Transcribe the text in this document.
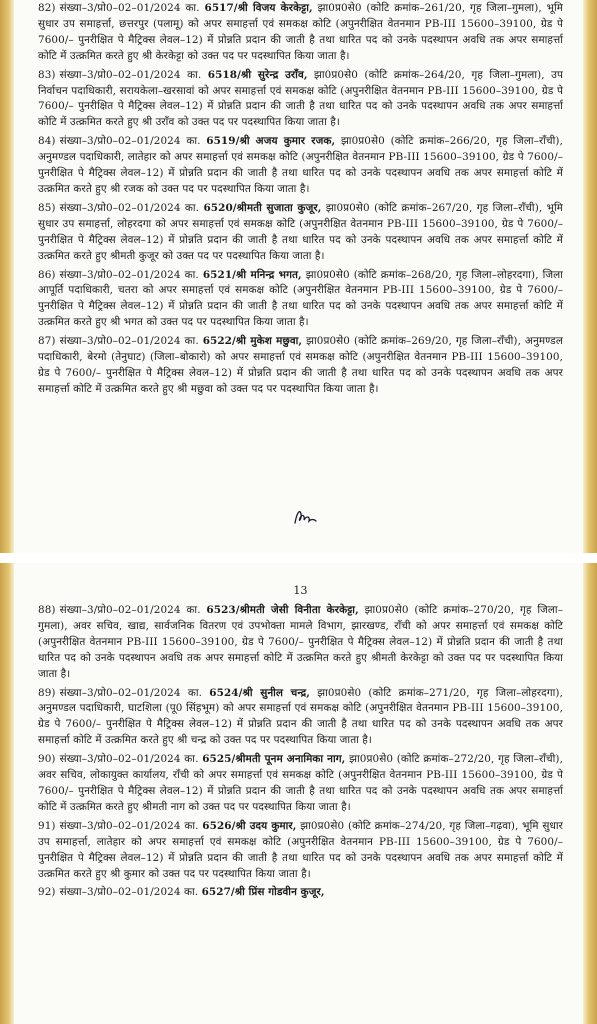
82) संख्या–3/प्रो0–02–01/2024 का. 6517/श्री विजय केरकेट्टा, झा0प्र0से0 (कोटि क्रमांक–261/20, गृह जिला–गुमला), भूमि सुधार उप समाहर्त्ता, छत्तरपुर (पलामू) को अपर समाहर्त्ता एवं समकक्ष कोटि (अपुनरीक्षित वेतनमान PB-III 15600–39100, ग्रेड पे 7600/– पुनरीक्षित पे मैट्रिक्स लेवल–12) में प्रोन्नति प्रदान की जाती है तथा धारित पद को उनके पदस्थापन अवधि तक अपर समाहर्त्ता कोटि में उत्क्रमित करते हुए श्री केरकेट्टा को उक्त पद पर पदस्थापित किया जाता है।

83) संख्या–3/प्रो0–02–01/2024 का. 6518/श्री सुरेन्द्र उराँव, झा0प्र0से0 (कोटि क्रमांक–264/20, गृह जिला–गुमला), उप निर्वाचन पदाधिकारी, सरायकेला–खरसावां को अपर समाहर्त्ता एवं समकक्ष कोटि (अपुनरीक्षित वेतनमान PB-III 15600–39100, ग्रेड पे 7600/– पुनरीक्षित पे मैट्रिक्स लेवल–12) में प्रोन्नति प्रदान की जाती है तथा धारित पद को उनके पदस्थापन अवधि तक अपर समाहर्त्ता कोटि में उत्क्रमित करते हुए श्री उराँव को उक्त पद पर पदस्थापित किया जाता है।

84) संख्या–3/प्रो0–02–01/2024 का. 6519/श्री अजय कुमार रजक, झा0प्र0से0 (कोटि क्रमांक–266/20, गृह जिला–राँची), अनुमण्डल पदाधिकारी, लातेहार को अपर समाहर्त्ता एवं समकक्ष कोटि (अपुनरीक्षित वेतनमान PB-III 15600–39100, ग्रेड पे 7600/– पुनरीक्षित पे मैट्रिक्स लेवल–12) में प्रोन्नति प्रदान की जाती है तथा धारित पद को उनके पदस्थापन अवधि तक अपर समाहर्त्ता कोटि में उत्क्रमित करते हुए श्री रजक को उक्त पद पर पदस्थापित किया जाता है।

85) संख्या–3/प्रो0–02–01/2024 का. 6520/श्रीमती सुजाता कुजूर, झा0प्र0से0 (कोटि क्रमांक–267/20, गृह जिला–राँची), भूमि सुधार उप समाहर्त्ता, लोहरदगा को अपर समाहर्त्ता एवं समकक्ष कोटि (अपुनरीक्षित वेतनमान PB-III 15600–39100, ग्रेड पे 7600/– पुनरीक्षित पे मैट्रिक्स लेवल–12) में प्रोन्नति प्रदान की जाती है तथा धारित पद को उनके पदस्थापन अवधि तक अपर समाहर्त्ता कोटि में उत्क्रमित करते हुए श्रीमती कुजूर को उक्त पद पर पदस्थापित किया जाता है।

86) संख्या–3/प्रो0–02–01/2024 का. 6521/श्री मनिन्द्र भगत, झा0प्र0से0 (कोटि क्रमांक–268/20, गृह जिला–लोहरदगा), जिला आपूर्ति पदाधिकारी, चतरा को अपर समाहर्त्ता एवं समकक्ष कोटि (अपुनरीक्षित वेतनमान PB-III 15600–39100, ग्रेड पे 7600/– पुनरीक्षित पे मैट्रिक्स लेवल–12) में प्रोन्नति प्रदान की जाती है तथा धारित पद को उनके पदस्थापन अवधि तक अपर समाहर्त्ता कोटि में उत्क्रमित करते हुए श्री भगत को उक्त पद पर पदस्थापित किया जाता है।

87) संख्या–3/प्रो0–02–01/2024 का. 6522/श्री मुकेश मछुवा, झा0प्र0से0 (कोटि क्रमांक–269/20, गृह जिला–राँची), अनुमण्डल पदाधिकारी, बेरमो (तेनुघाट) (जिला–बोकारो) को अपर समाहर्त्ता एवं समकक्ष कोटि (अपुनरीक्षित वेतनमान PB-III 15600–39100, ग्रेड पे 7600/– पुनरीक्षित पे मैट्रिक्स लेवल–12) में प्रोन्नति प्रदान की जाती है तथा धारित पद को उनके पदस्थापन अवधि तक अपर समाहर्त्ता कोटि में उत्क्रमित करते हुए श्री मछुवा को उक्त पद पर पदस्थापित किया जाता है।

13

88) संख्या–3/प्रो0–02–01/2024 का. 6523/श्रीमती जेसी विनीता केरकेट्टा, झा0प्र0से0 (कोटि क्रमांक–270/20, गृह जिला–गुमला), अवर सचिव, खाद्य, सार्वजनिक वितरण एवं उपभोक्ता मामले विभाग, झारखण्ड, राँची को अपर समाहर्त्ता एवं समकक्ष कोटि (अपुनरीक्षित वेतनमान PB-III 15600–39100, ग्रेड पे 7600/– पुनरीक्षित पे मैट्रिक्स लेवल–12) में प्रोन्नति प्रदान की जाती है तथा धारित पद को उनके पदस्थापन अवधि तक अपर समाहर्त्ता कोटि में उत्क्रमित करते हुए श्रीमती केरकेट्टा को उक्त पद पर पदस्थापित किया जाता है।

89) संख्या–3/प्रो0–02–01/2024 का. 6524/श्री सुनील चन्द्र, झा0प्र0से0 (कोटि क्रमांक–271/20, गृह जिला–लोहरदगा), अनुमण्डल पदाधिकारी, घाटशिला (पू0 सिंहभूम) को अपर समाहर्त्ता एवं समकक्ष कोटि (अपुनरीक्षित वेतनमान PB-III 15600–39100, ग्रेड पे 7600/– पुनरीक्षित पे मैट्रिक्स लेवल–12) में प्रोन्नति प्रदान की जाती है तथा धारित पद को उनके पदस्थापन अवधि तक अपर समाहर्त्ता कोटि में उत्क्रमित करते हुए श्री चन्द्र को उक्त पद पर पदस्थापित किया जाता है।

90) संख्या–3/प्रो0–02–01/2024 का. 6525/श्रीमती पूनम अनामिका नाग, झा0प्र0से0 (कोटि क्रमांक–272/20, गृह जिला–राँची), अवर सचिव, लोकायुक्त कार्यालय, राँची को अपर समाहर्त्ता एवं समकक्ष कोटि (अपुनरीक्षित वेतनमान PB-III 15600–39100, ग्रेड पे 7600/– पुनरीक्षित पे मैट्रिक्स लेवल–12) में प्रोन्नति प्रदान की जाती है तथा धारित पद को उनके पदस्थापन अवधि तक अपर समाहर्त्ता कोटि में उत्क्रमित करते हुए श्रीमती नाग को उक्त पद पर पदस्थापित किया जाता है।

91) संख्या–3/प्रो0–02–01/2024 का. 6526/श्री उदय कुमार, झा0प्र0से0 (कोटि क्रमांक–274/20, गृह जिला–गढ़वा), भूमि सुधार उप समाहर्त्ता, लातेहार को अपर समाहर्त्ता एवं समकक्ष कोटि (अपुनरीक्षित वेतनमान PB-III 15600–39100, ग्रेड पे 7600/– पुनरीक्षित पे मैट्रिक्स लेवल–12) में प्रोन्नति प्रदान की जाती है तथा धारित पद को उनके पदस्थापन अवधि तक अपर समाहर्त्ता कोटि में उत्क्रमित करते हुए श्री कुमार को उक्त पद पर पदस्थापित किया जाता है।

92) संख्या–3/प्रो0–02–01/2024 का. 6527/श्री प्रिंस गोडवीन कुजूर,
